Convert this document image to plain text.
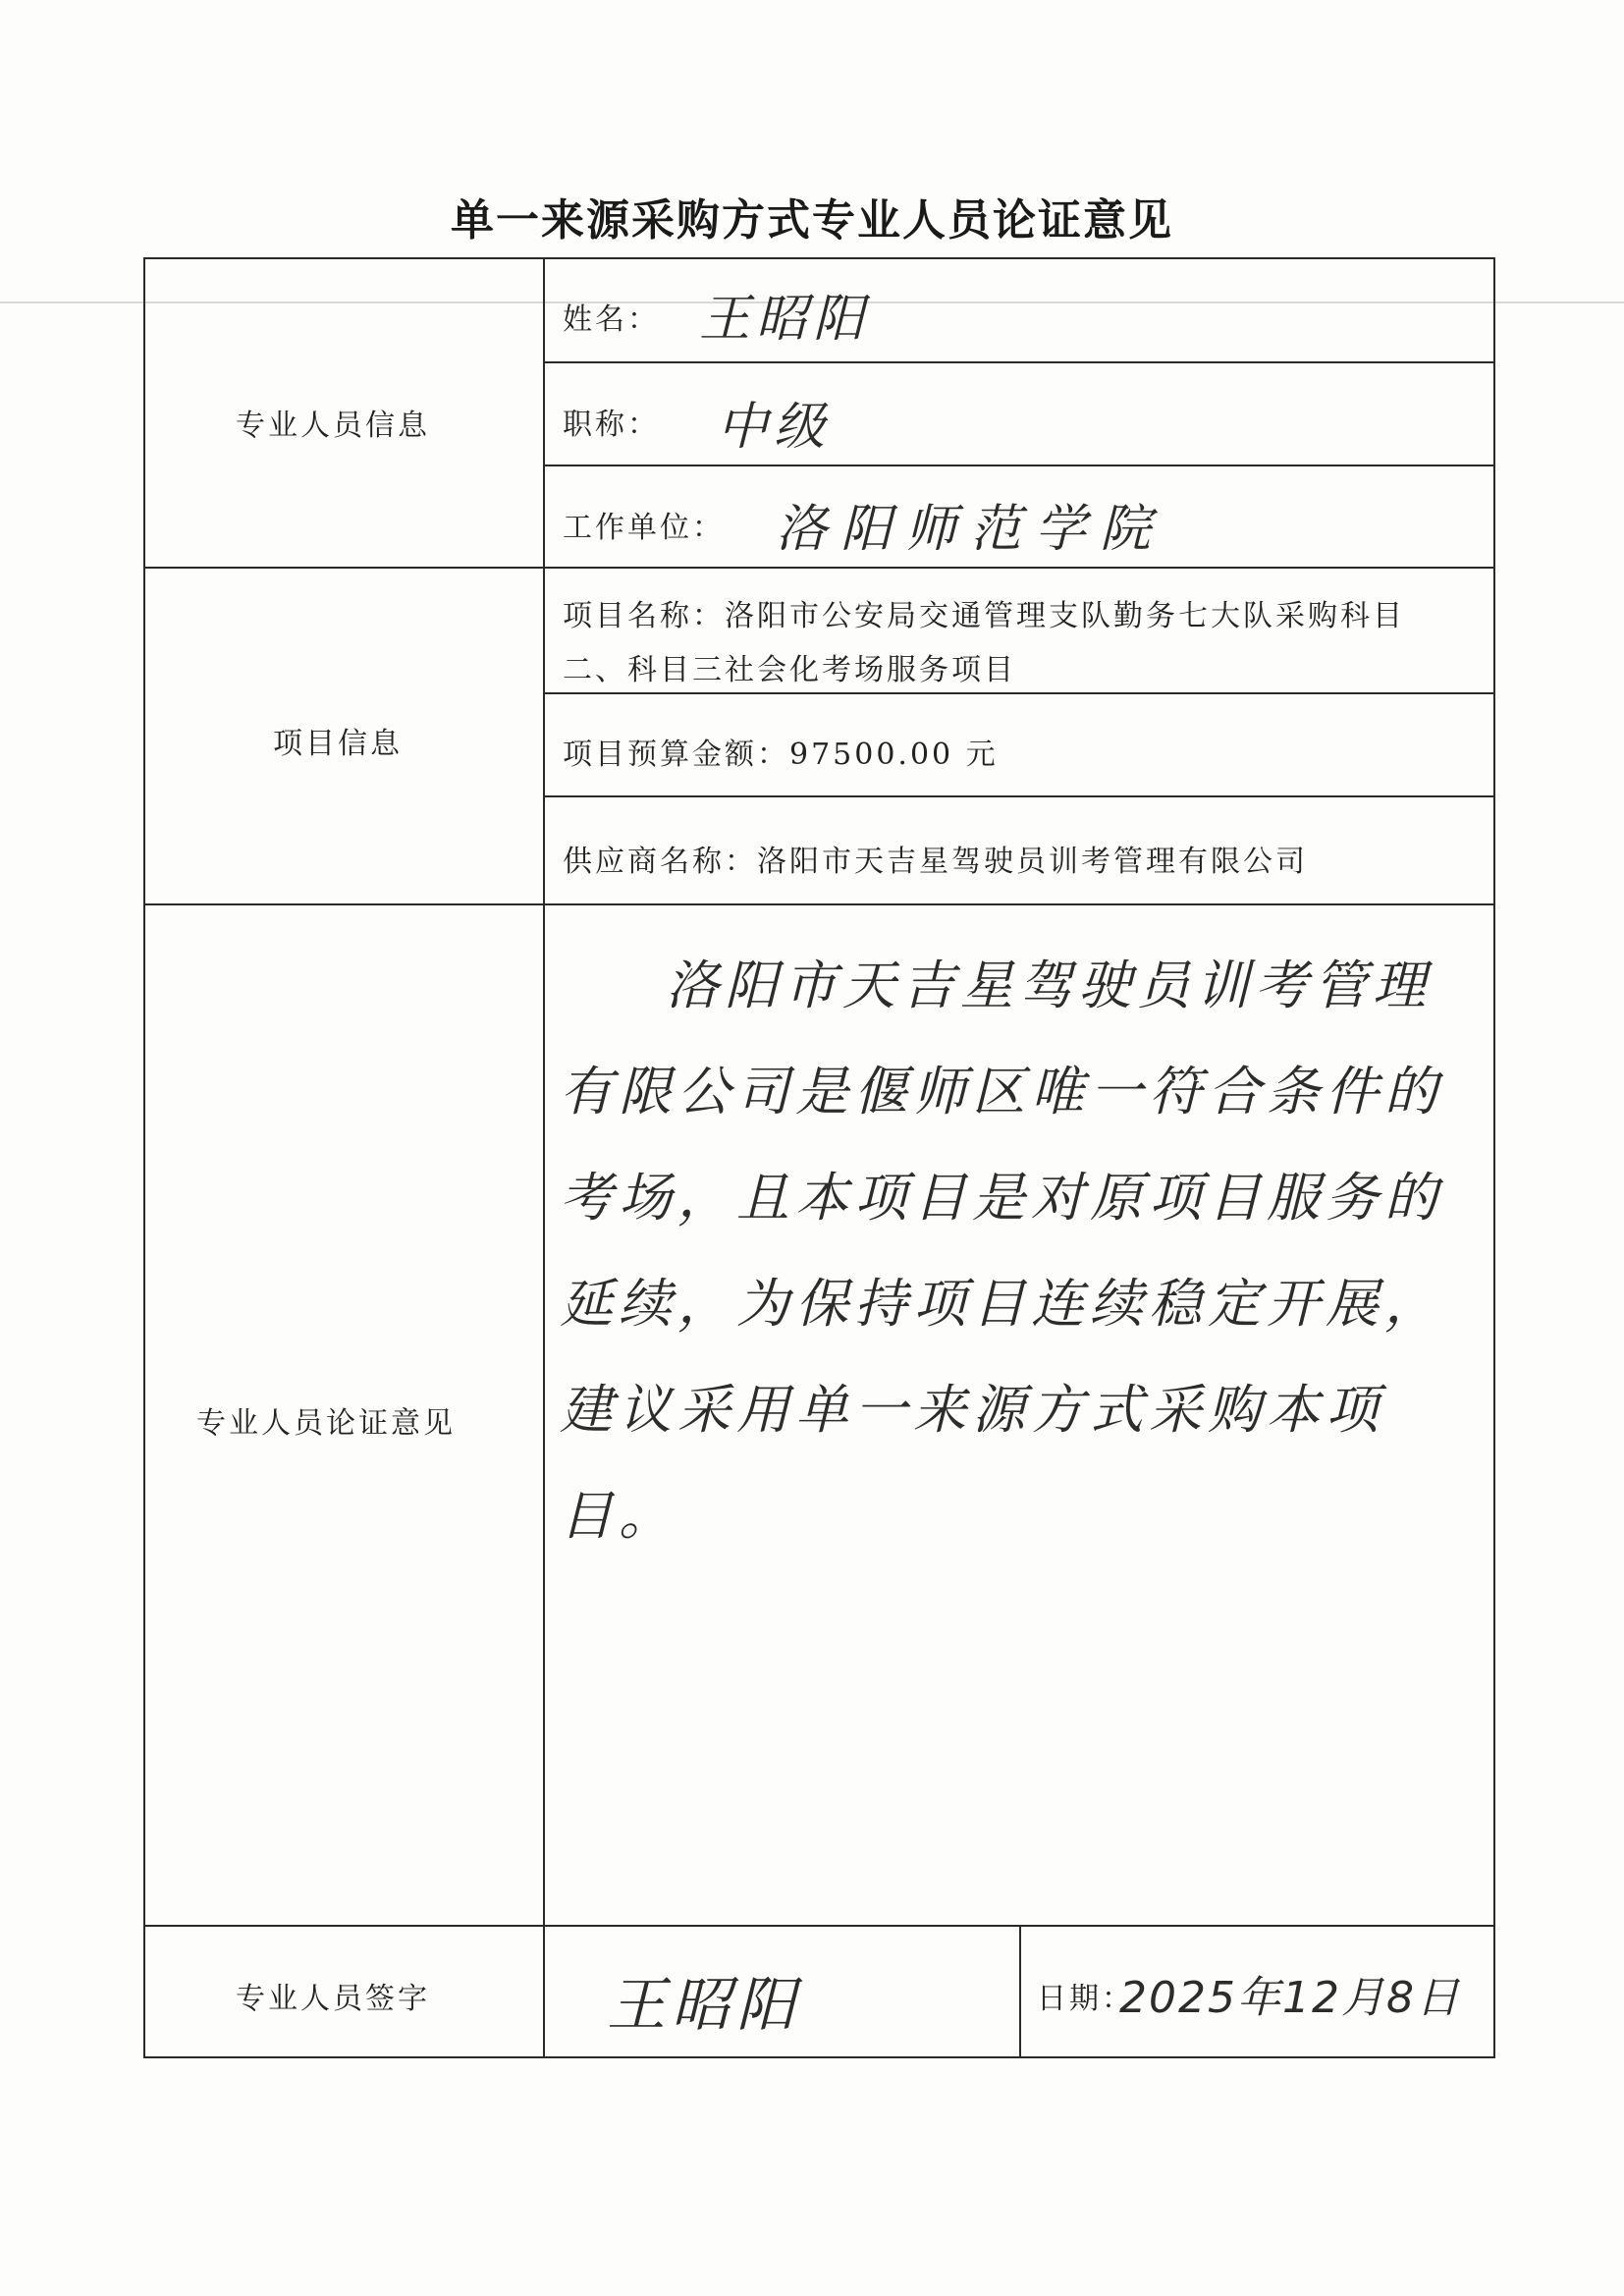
单一来源采购方式专业人员论证意见
专业人员信息
姓名： 王昭阳
职称： 中级
工作单位： 洛阳师范学院
项目信息
项目名称：洛阳市公安局交通管理支队勤务七大队采购科目
二、科目三社会化考场服务项目
项目预算金额：97500.00 元
供应商名称：洛阳市天吉星驾驶员训考管理有限公司
专业人员论证意见
洛阳市天吉星驾驶员训考管理有限公司是偃师区唯一符合条件的考场，且本项目是对原项目服务的延续，为保持项目连续稳定开展，建议采用单一来源方式采购本项目。
专业人员签字	王昭阳	日期：
2025年12月8日
